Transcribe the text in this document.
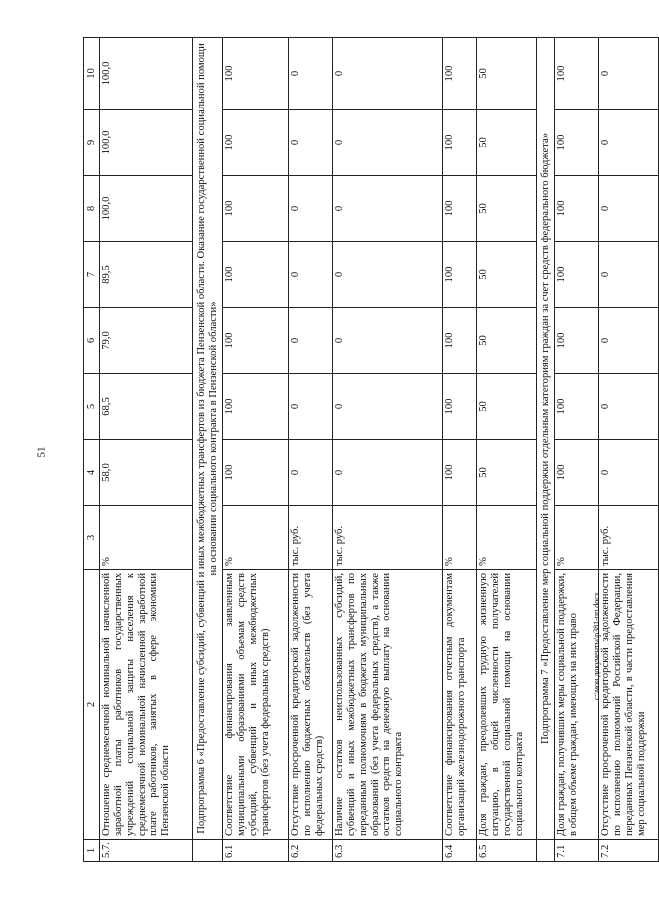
51
c:\мои документы\р381-пп.docx
1	2	3	4	5	6	7	8	9	10
5.7.	Отношение среднемесячной номинальной начисленной заработной платы работников государственных учреждений социальной защиты населения к среднемесячной номинальной начисленной заработной плате работников, занятых в сфере экономики Пензенской области	%	58,0	68,5	79,0	89,5	100,0	100,0	100,0
	Подпрограмма 6 «Предоставление субсидий, субвенций и иных межбюджетных трансфертов из бюджета Пензенской области. Оказание государственной социальной помощи на основании социального контракта в Пензенской области»								
6.1	Соответствие финансирования заявленным муниципальными образованиями объемам средств субсидий, субвенций и иных межбюджетных трансфертов (без учета федеральных средств)	%	100	100	100	100	100	100	100
6.2	Отсутствие просроченной кредиторской задолженности по исполнению бюджетных обязательств (без учета федеральных средств)	тыс. руб.	0	0	0	0	0	0	0
6.3	Наличие остатков неиспользованных субсидий, субвенций и иных межбюджетных трансфертов по переданным полномочиям в бюджетах муниципальных образований (без учета федеральных средств), а также остатков средств на денежную выплату на основании социального контракта	тыс. руб.	0	0	0	0	0	0	0
6.4	Соответствие финансирования отчетным документам организаций железнодорожного транспорта	%	100	100	100	100	100	100	100
6.5	Доля граждан, преодолевших трудную жизненную ситуацию, в общей численности получателей государственной социальной помощи на основании социального контракта	%	50	50	50	50	50	50	50
	Подпрограмма 7 «Предоставление мер социальной поддержки отдельным категориям граждан за счет средств федерального бюджета»								
7.1	Доля граждан, получивших меры социальной поддержки, в общем объеме граждан, имеющих на них право	%	100	100	100	100	100	100	100
7.2	Отсутствие просроченной кредиторской задолженности по исполнению полномочий Российской Федерации, переданных Пензенской области, в части предоставления мер социальной поддержки	тыс. руб.	0	0	0	0	0	0	0
